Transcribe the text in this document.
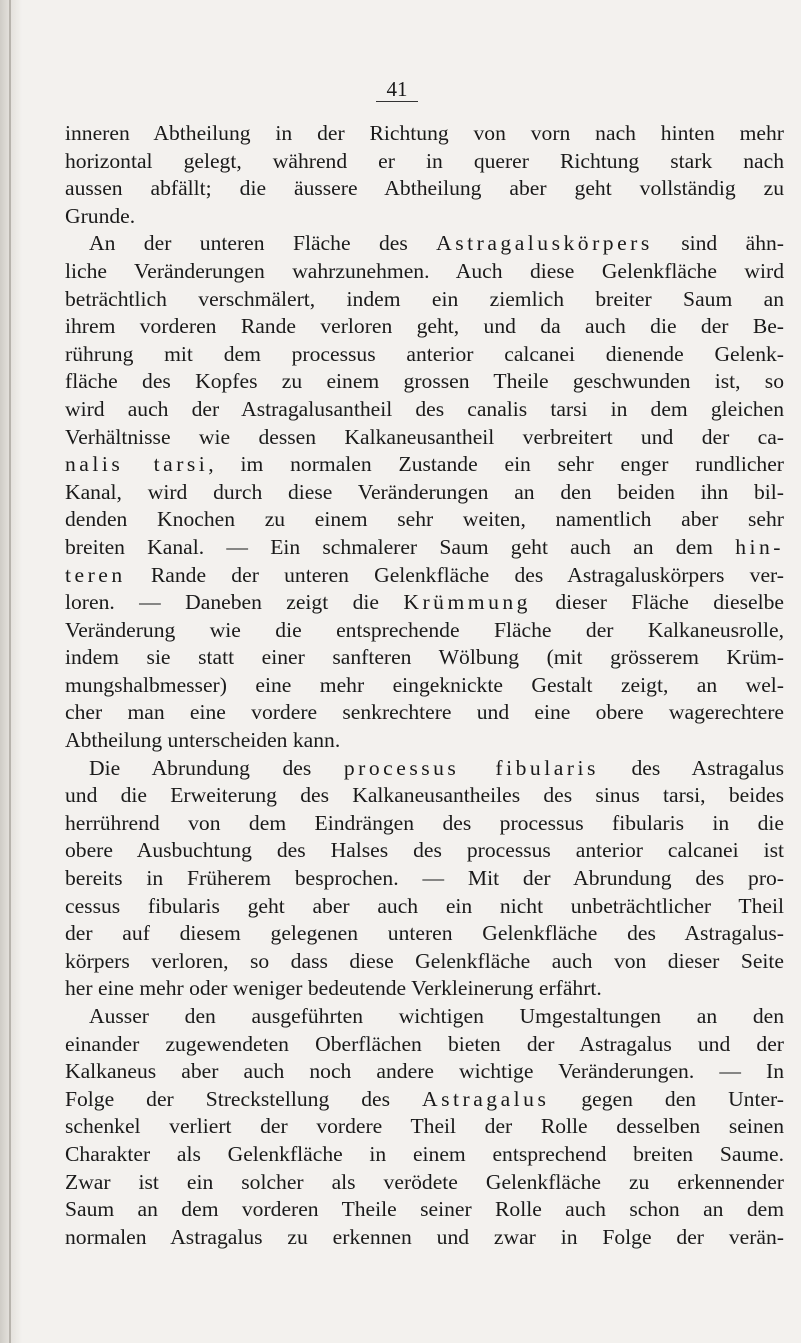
41
inneren Abtheilung in der Richtung von vorn nach hinten mehr
horizontal gelegt, während er in querer Richtung stark nach
aussen abfällt; die äussere Abtheilung aber geht vollständig zu
Grunde.
An der unteren Fläche des Astragaluskörpers sind ähn-
liche Veränderungen wahrzunehmen. Auch diese Gelenkfläche wird
beträchtlich verschmälert, indem ein ziemlich breiter Saum an
ihrem vorderen Rande verloren geht, und da auch die der Be-
rührung mit dem processus anterior calcanei dienende Gelenk-
fläche des Kopfes zu einem grossen Theile geschwunden ist, so
wird auch der Astragalusantheil des canalis tarsi in dem gleichen
Verhältnisse wie dessen Kalkaneusantheil verbreitert und der ca-
nalis tarsi, im normalen Zustande ein sehr enger rundlicher
Kanal, wird durch diese Veränderungen an den beiden ihn bil-
denden Knochen zu einem sehr weiten, namentlich aber sehr
breiten Kanal. — Ein schmalerer Saum geht auch an dem hin-
teren Rande der unteren Gelenkfläche des Astragaluskörpers ver-
loren. — Daneben zeigt die Krümmung dieser Fläche dieselbe
Veränderung wie die entsprechende Fläche der Kalkaneusrolle,
indem sie statt einer sanfteren Wölbung (mit grösserem Krüm-
mungshalbmesser) eine mehr eingeknickte Gestalt zeigt, an wel-
cher man eine vordere senkrechtere und eine obere wagerechtere
Abtheilung unterscheiden kann.
Die Abrundung des processus fibularis des Astragalus
und die Erweiterung des Kalkaneusantheiles des sinus tarsi, beides
herrührend von dem Eindrängen des processus fibularis in die
obere Ausbuchtung des Halses des processus anterior calcanei ist
bereits in Früherem besprochen. — Mit der Abrundung des pro-
cessus fibularis geht aber auch ein nicht unbeträchtlicher Theil
der auf diesem gelegenen unteren Gelenkfläche des Astragalus-
körpers verloren, so dass diese Gelenkfläche auch von dieser Seite
her eine mehr oder weniger bedeutende Verkleinerung erfährt.
Ausser den ausgeführten wichtigen Umgestaltungen an den
einander zugewendeten Oberflächen bieten der Astragalus und der
Kalkaneus aber auch noch andere wichtige Veränderungen. — In
Folge der Streckstellung des Astragalus gegen den Unter-
schenkel verliert der vordere Theil der Rolle desselben seinen
Charakter als Gelenkfläche in einem entsprechend breiten Saume.
Zwar ist ein solcher als verödete Gelenkfläche zu erkennender
Saum an dem vorderen Theile seiner Rolle auch schon an dem
normalen Astragalus zu erkennen und zwar in Folge der verän-
